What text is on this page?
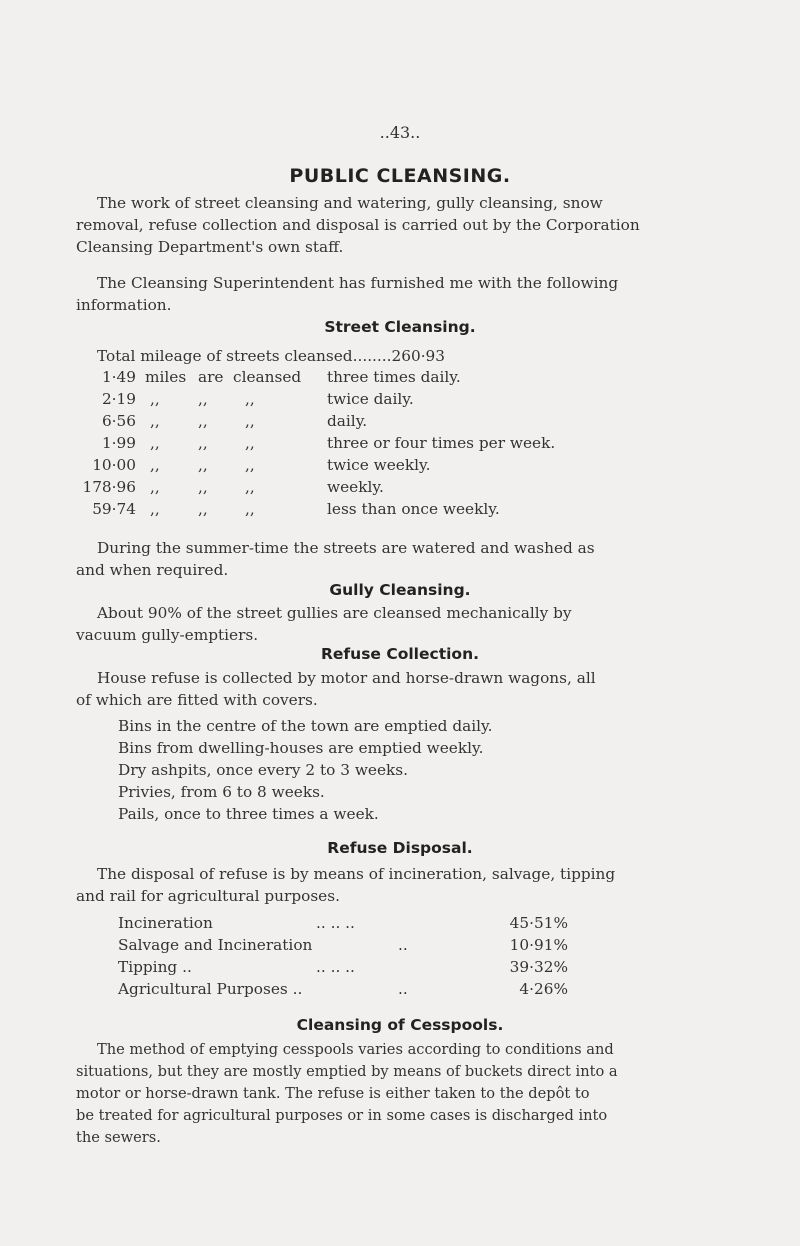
..43..
PUBLIC CLEANSING.
The work of street cleansing and watering, gully cleansing, snow
removal, refuse collection and disposal is carried out by the Corporation
Cleansing Department's own staff.
The Cleansing Superintendent has furnished me with the following
information.
Street Cleansing.
Total mileage of streets cleansed........260·93
1·49 miles are cleansed three times daily.
2·19 ,,	,, ,,	twice daily.
6·56 ,,	,, ,,	daily.
1·99 ,,	,, ,,	three or four times per week.
10·00 ,,	,, ,,	twice weekly.
178·96 ,,	,, ,,	weekly.
59·74 ,,	,, ,,	less than once weekly.
During the summer-time the streets are watered and washed as
and when required.
Gully Cleansing.
About 90% of the street gullies are cleansed mechanically by
vacuum gully-emptiers.
Refuse Collection.
House refuse is collected by motor and horse-drawn wagons, all
of which are fitted with covers.
Bins in the centre of the town are emptied daily.
Bins from dwelling-houses are emptied weekly.
Dry ashpits, once every 2 to 3 weeks.
Privies, from 6 to 8 weeks.
Pails, once to three times a week.
Refuse Disposal.
The disposal of refuse is by means of incineration, salvage, tipping
and rail for agricultural purposes.
Incineration	.. .. ..	45·51%
Salvage and Incineration	..	10·91%
Tipping ..	.. .. ..	39·32%
Agricultural Purposes ..	..	4·26%
Cleansing of Cesspools.
The method of emptying cesspools varies according to conditions and
situations, but they are mostly emptied by means of buckets direct into a
motor or horse-drawn tank. The refuse is either taken to the depôt to
be treated for agricultural purposes or in some cases is discharged into
the sewers.
